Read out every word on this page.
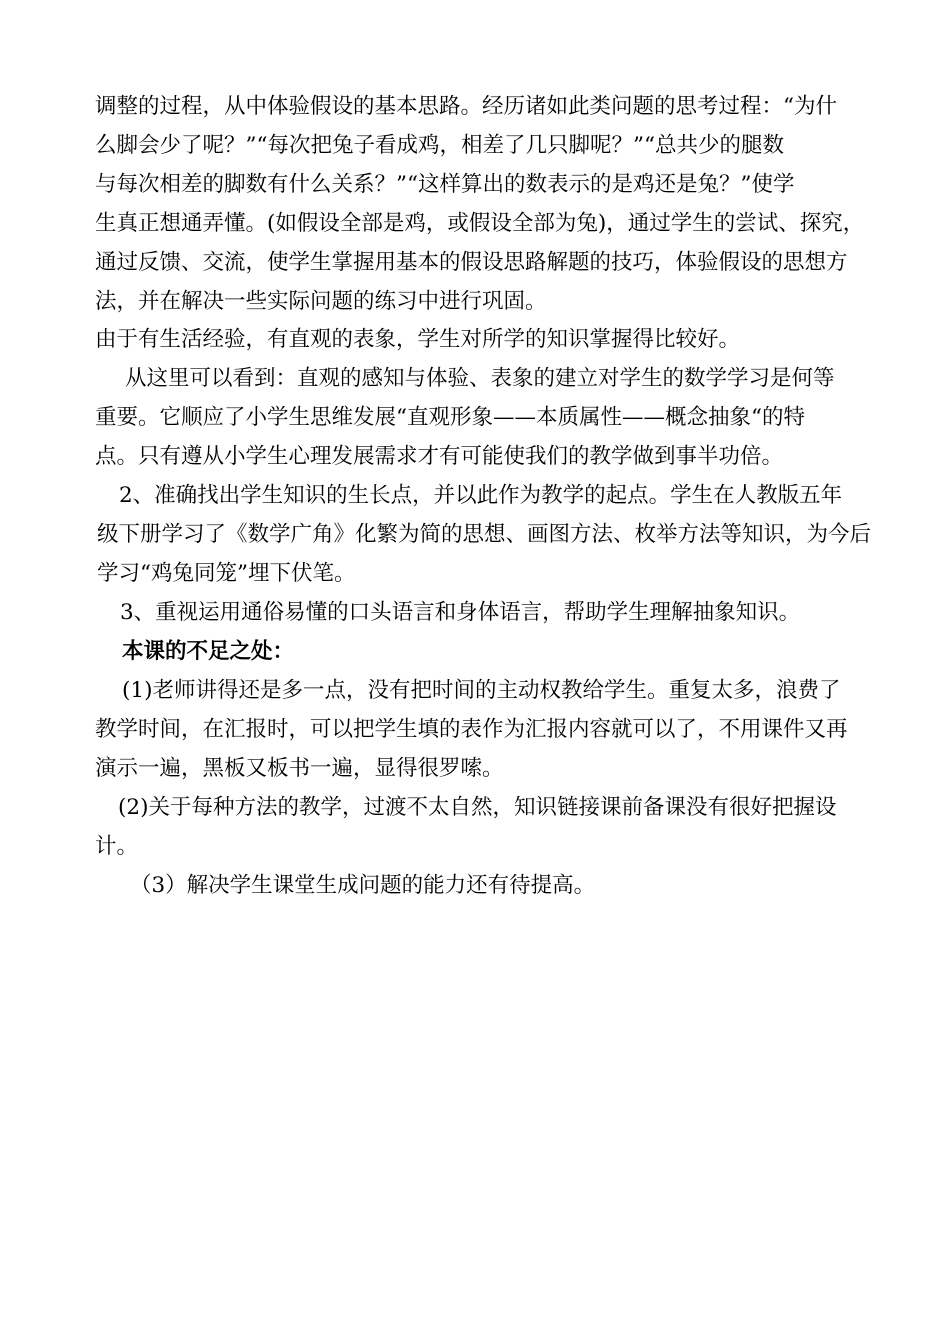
调整的过程，从中体验假设的基本思路。经历诸如此类问题的思考过程：“为什
么脚会少了呢？”“每次把兔子看成鸡，相差了几只脚呢？”“总共少的腿数
与每次相差的脚数有什么关系？”“这样算出的数表示的是鸡还是兔？”使学
生真正想通弄懂。(如假设全部是鸡，或假设全部为兔)，通过学生的尝试、探究，
通过反馈、交流，使学生掌握用基本的假设思路解题的技巧，体验假设的思想方
法，并在解决一些实际问题的练习中进行巩固。
由于有生活经验，有直观的表象，学生对所学的知识掌握得比较好。
从这里可以看到：直观的感知与体验、表象的建立对学生的数学学习是何等
重要。它顺应了小学生思维发展“直观形象——本质属性——概念抽象“的特
点。只有遵从小学生心理发展需求才有可能使我们的教学做到事半功倍。
2、准确找出学生知识的生长点，并以此作为教学的起点。学生在人教版五年
级下册学习了《数学广角》化繁为简的思想、画图方法、枚举方法等知识，为今后
学习“鸡兔同笼”埋下伏笔。
3、重视运用通俗易懂的口头语言和身体语言，帮助学生理解抽象知识。
本课的不足之处：
(1)老师讲得还是多一点，没有把时间的主动权教给学生。重复太多，浪费了
教学时间，在汇报时，可以把学生填的表作为汇报内容就可以了，不用课件又再
演示一遍，黑板又板书一遍，显得很罗嗦。
(2)关于每种方法的教学，过渡不太自然，知识链接课前备课没有很好把握设
计。
（3）解决学生课堂生成问题的能力还有待提高。
